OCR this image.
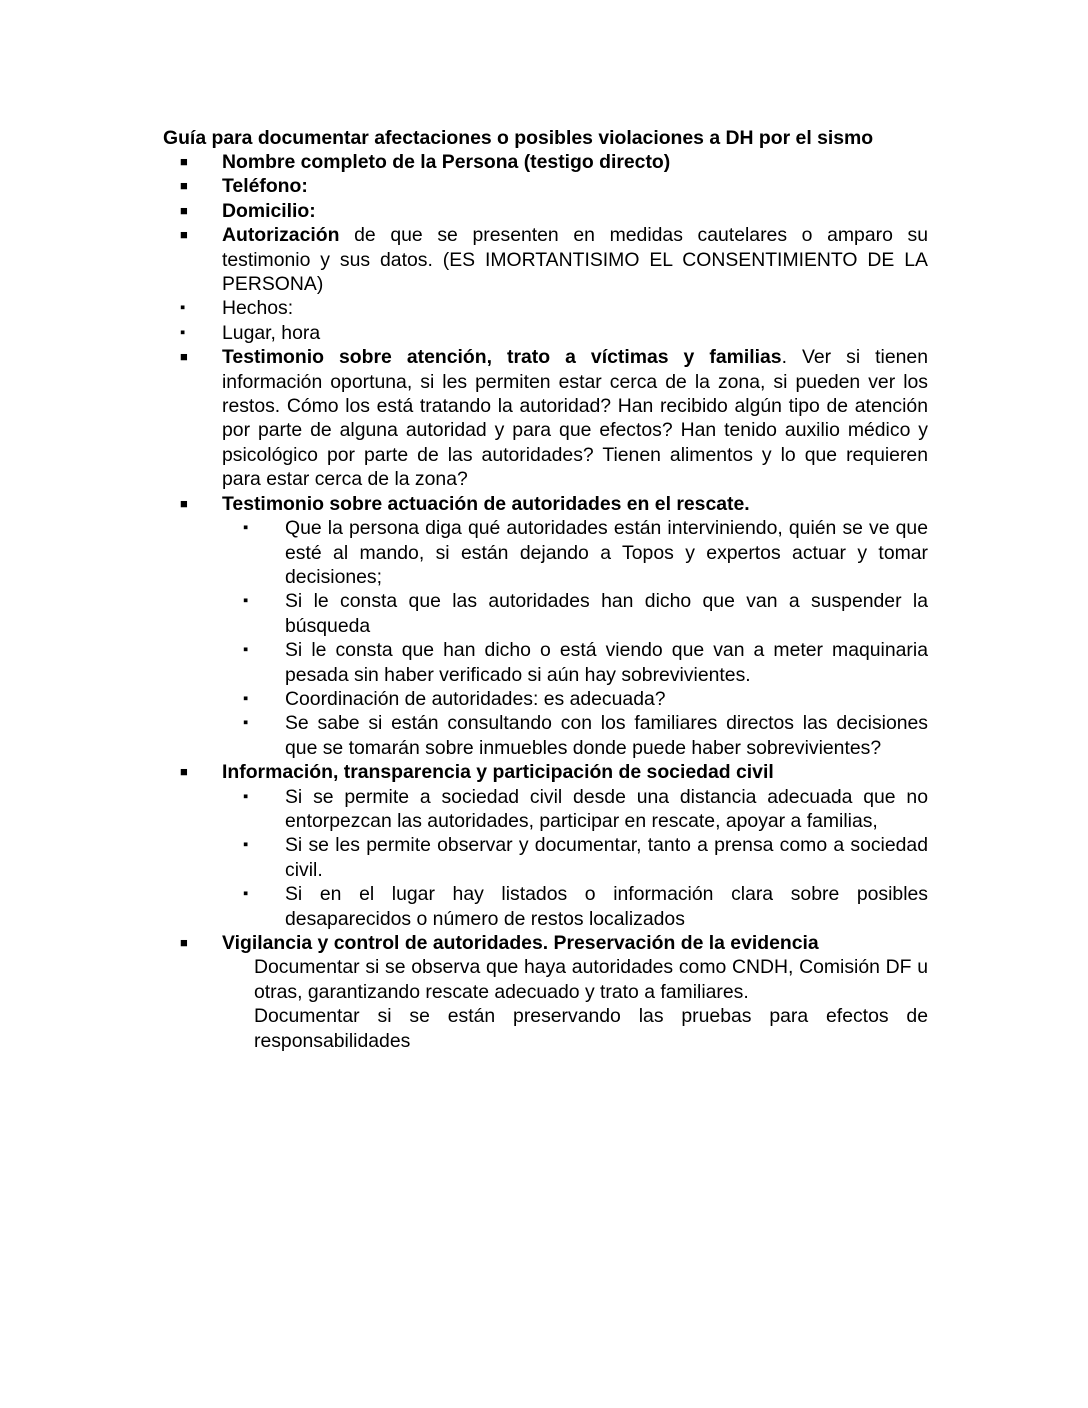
Guía para documentar afectaciones o posibles violaciones a DH por el sismo

■ Nombre completo de la Persona (testigo directo)
■ Teléfono:
■ Domicilio:
■ Autorización de que se presenten en medidas cautelares o amparo su testimonio y sus datos. (ES IMORTANTISIMO EL CONSENTIMIENTO DE LA PERSONA)
▪ Hechos:
▪ Lugar, hora
■ Testimonio sobre atención, trato a víctimas y familias. Ver si tienen información oportuna, si les permiten estar cerca de la zona, si pueden ver los restos. Cómo los está tratando la autoridad? Han recibido algún tipo de atención por parte de alguna autoridad y para que efectos? Han tenido auxilio médico y psicológico por parte de las autoridades? Tienen alimentos y lo que requieren para estar cerca de la zona?
■ Testimonio sobre actuación de autoridades en el rescate.
▪ Que la persona diga qué autoridades están interviniendo, quién se ve que esté al mando, si están dejando a Topos y expertos actuar y tomar decisiones;
▪ Si le consta que las autoridades han dicho que van a suspender la búsqueda
▪ Si le consta que han dicho o está viendo que van a meter maquinaria pesada sin haber verificado si aún hay sobrevivientes.
▪ Coordinación de autoridades: es adecuada?
▪ Se sabe si están consultando con los familiares directos las decisiones que se tomarán sobre inmuebles donde puede haber sobrevivientes?
■ Información, transparencia y participación de sociedad civil
▪ Si se permite a sociedad civil desde una distancia adecuada que no entorpezcan las autoridades, participar en rescate, apoyar a familias,
▪ Si se les permite observar y documentar, tanto a prensa como a sociedad civil.
▪ Si en el lugar hay listados o información clara sobre posibles desaparecidos o número de restos localizados
■ Vigilancia y control de autoridades. Preservación de la evidencia
Documentar si se observa que haya autoridades como CNDH, Comisión DF u otras, garantizando rescate adecuado y trato a familiares.
Documentar si se están preservando las pruebas para efectos de responsabilidades
